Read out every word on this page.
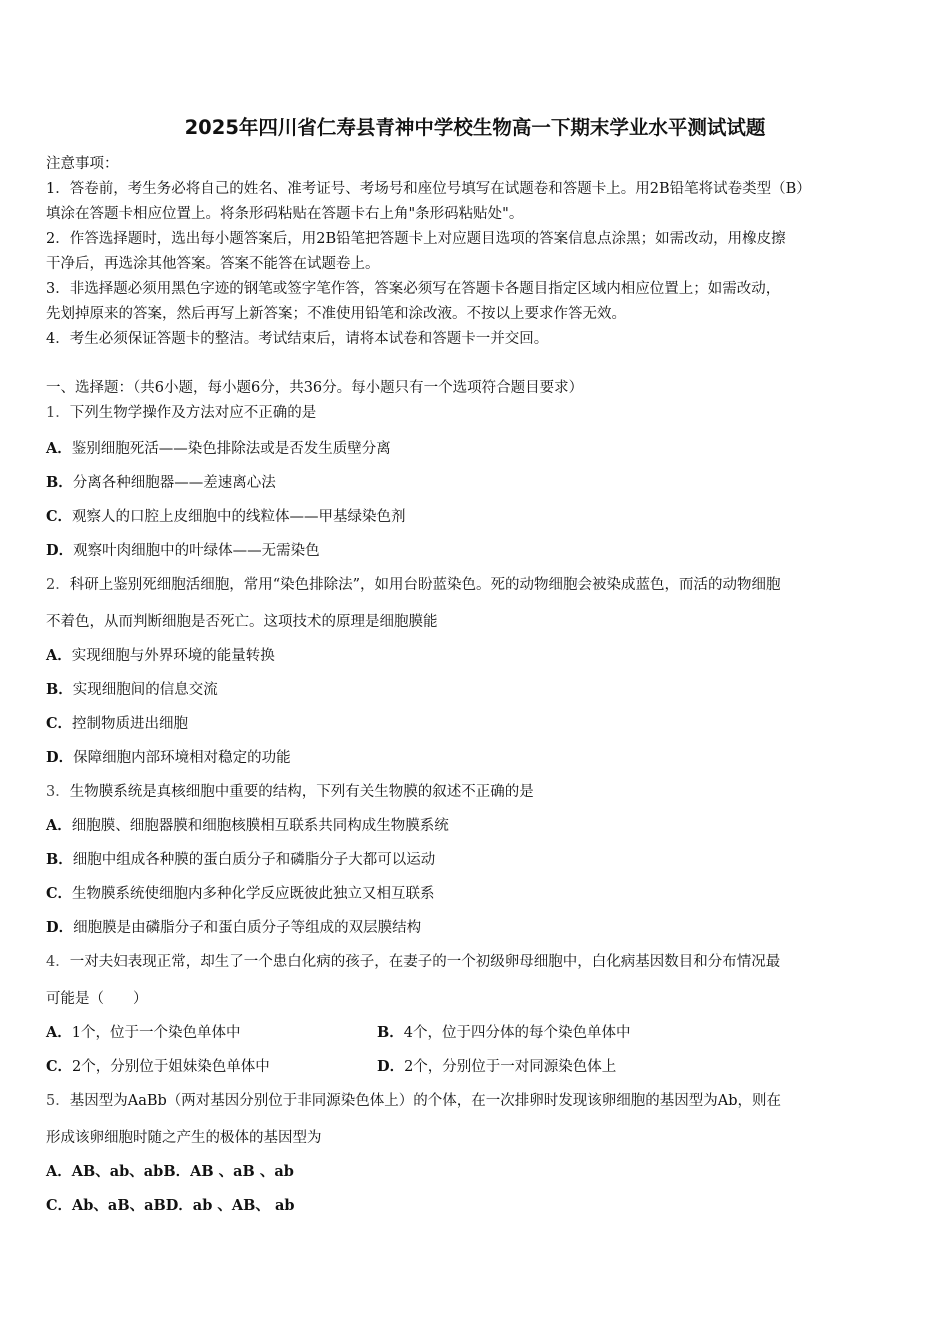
2025年四川省仁寿县青神中学校生物高一下期末学业水平测试试题
注意事项：
1．答卷前，考生务必将自己的姓名、准考证号、考场号和座位号填写在试题卷和答题卡上。用2B铅笔将试卷类型（B）
填涂在答题卡相应位置上。将条形码粘贴在答题卡右上角"条形码粘贴处"。
2．作答选择题时，选出每小题答案后，用2B铅笔把答题卡上对应题目选项的答案信息点涂黑；如需改动，用橡皮擦
干净后，再选涂其他答案。答案不能答在试题卷上。
3．非选择题必须用黑色字迹的钢笔或签字笔作答，答案必须写在答题卡各题目指定区域内相应位置上；如需改动，
先划掉原来的答案，然后再写上新答案；不准使用铅笔和涂改液。不按以上要求作答无效。
4．考生必须保证答题卡的整洁。考试结束后，请将本试卷和答题卡一并交回。
一、选择题：（共6小题，每小题6分，共36分。每小题只有一个选项符合题目要求）
1．下列生物学操作及方法对应不正确的是
A．鉴别细胞死活——染色排除法或是否发生质壁分离
B．分离各种细胞器——差速离心法
C．观察人的口腔上皮细胞中的线粒体——甲基绿染色剂
D．观察叶肉细胞中的叶绿体——无需染色
2．科研上鉴别死细胞活细胞，常用“染色排除法”，如用台盼蓝染色。死的动物细胞会被染成蓝色，而活的动物细胞
不着色，从而判断细胞是否死亡。这项技术的原理是细胞膜能
A．实现细胞与外界环境的能量转换
B．实现细胞间的信息交流
C．控制物质进出细胞
D．保障细胞内部环境相对稳定的功能
3．生物膜系统是真核细胞中重要的结构，下列有关生物膜的叙述不正确的是
A．细胞膜、细胞器膜和细胞核膜相互联系共同构成生物膜系统
B．细胞中组成各种膜的蛋白质分子和磷脂分子大都可以运动
C．生物膜系统使细胞内多种化学反应既彼此独立又相互联系
D．细胞膜是由磷脂分子和蛋白质分子等组成的双层膜结构
4．一对夫妇表现正常，却生了一个患白化病的孩子，在妻子的一个初级卵母细胞中，白化病基因数目和分布情况最
可能是（　　）
A．1个，位于一个染色单体中	B．4个，位于四分体的每个染色单体中
C．2个，分别位于姐妹染色单体中	D．2个，分别位于一对同源染色体上
5．基因型为AaBb（两对基因分别位于非同源染色体上）的个体，在一次排卵时发现该卵细胞的基因型为Ab，则在
形成该卵细胞时随之产生的极体的基因型为
A．AB、ab、abB．AB 、aB 、ab
C．Ab、aB、aBD．ab 、AB、 ab
